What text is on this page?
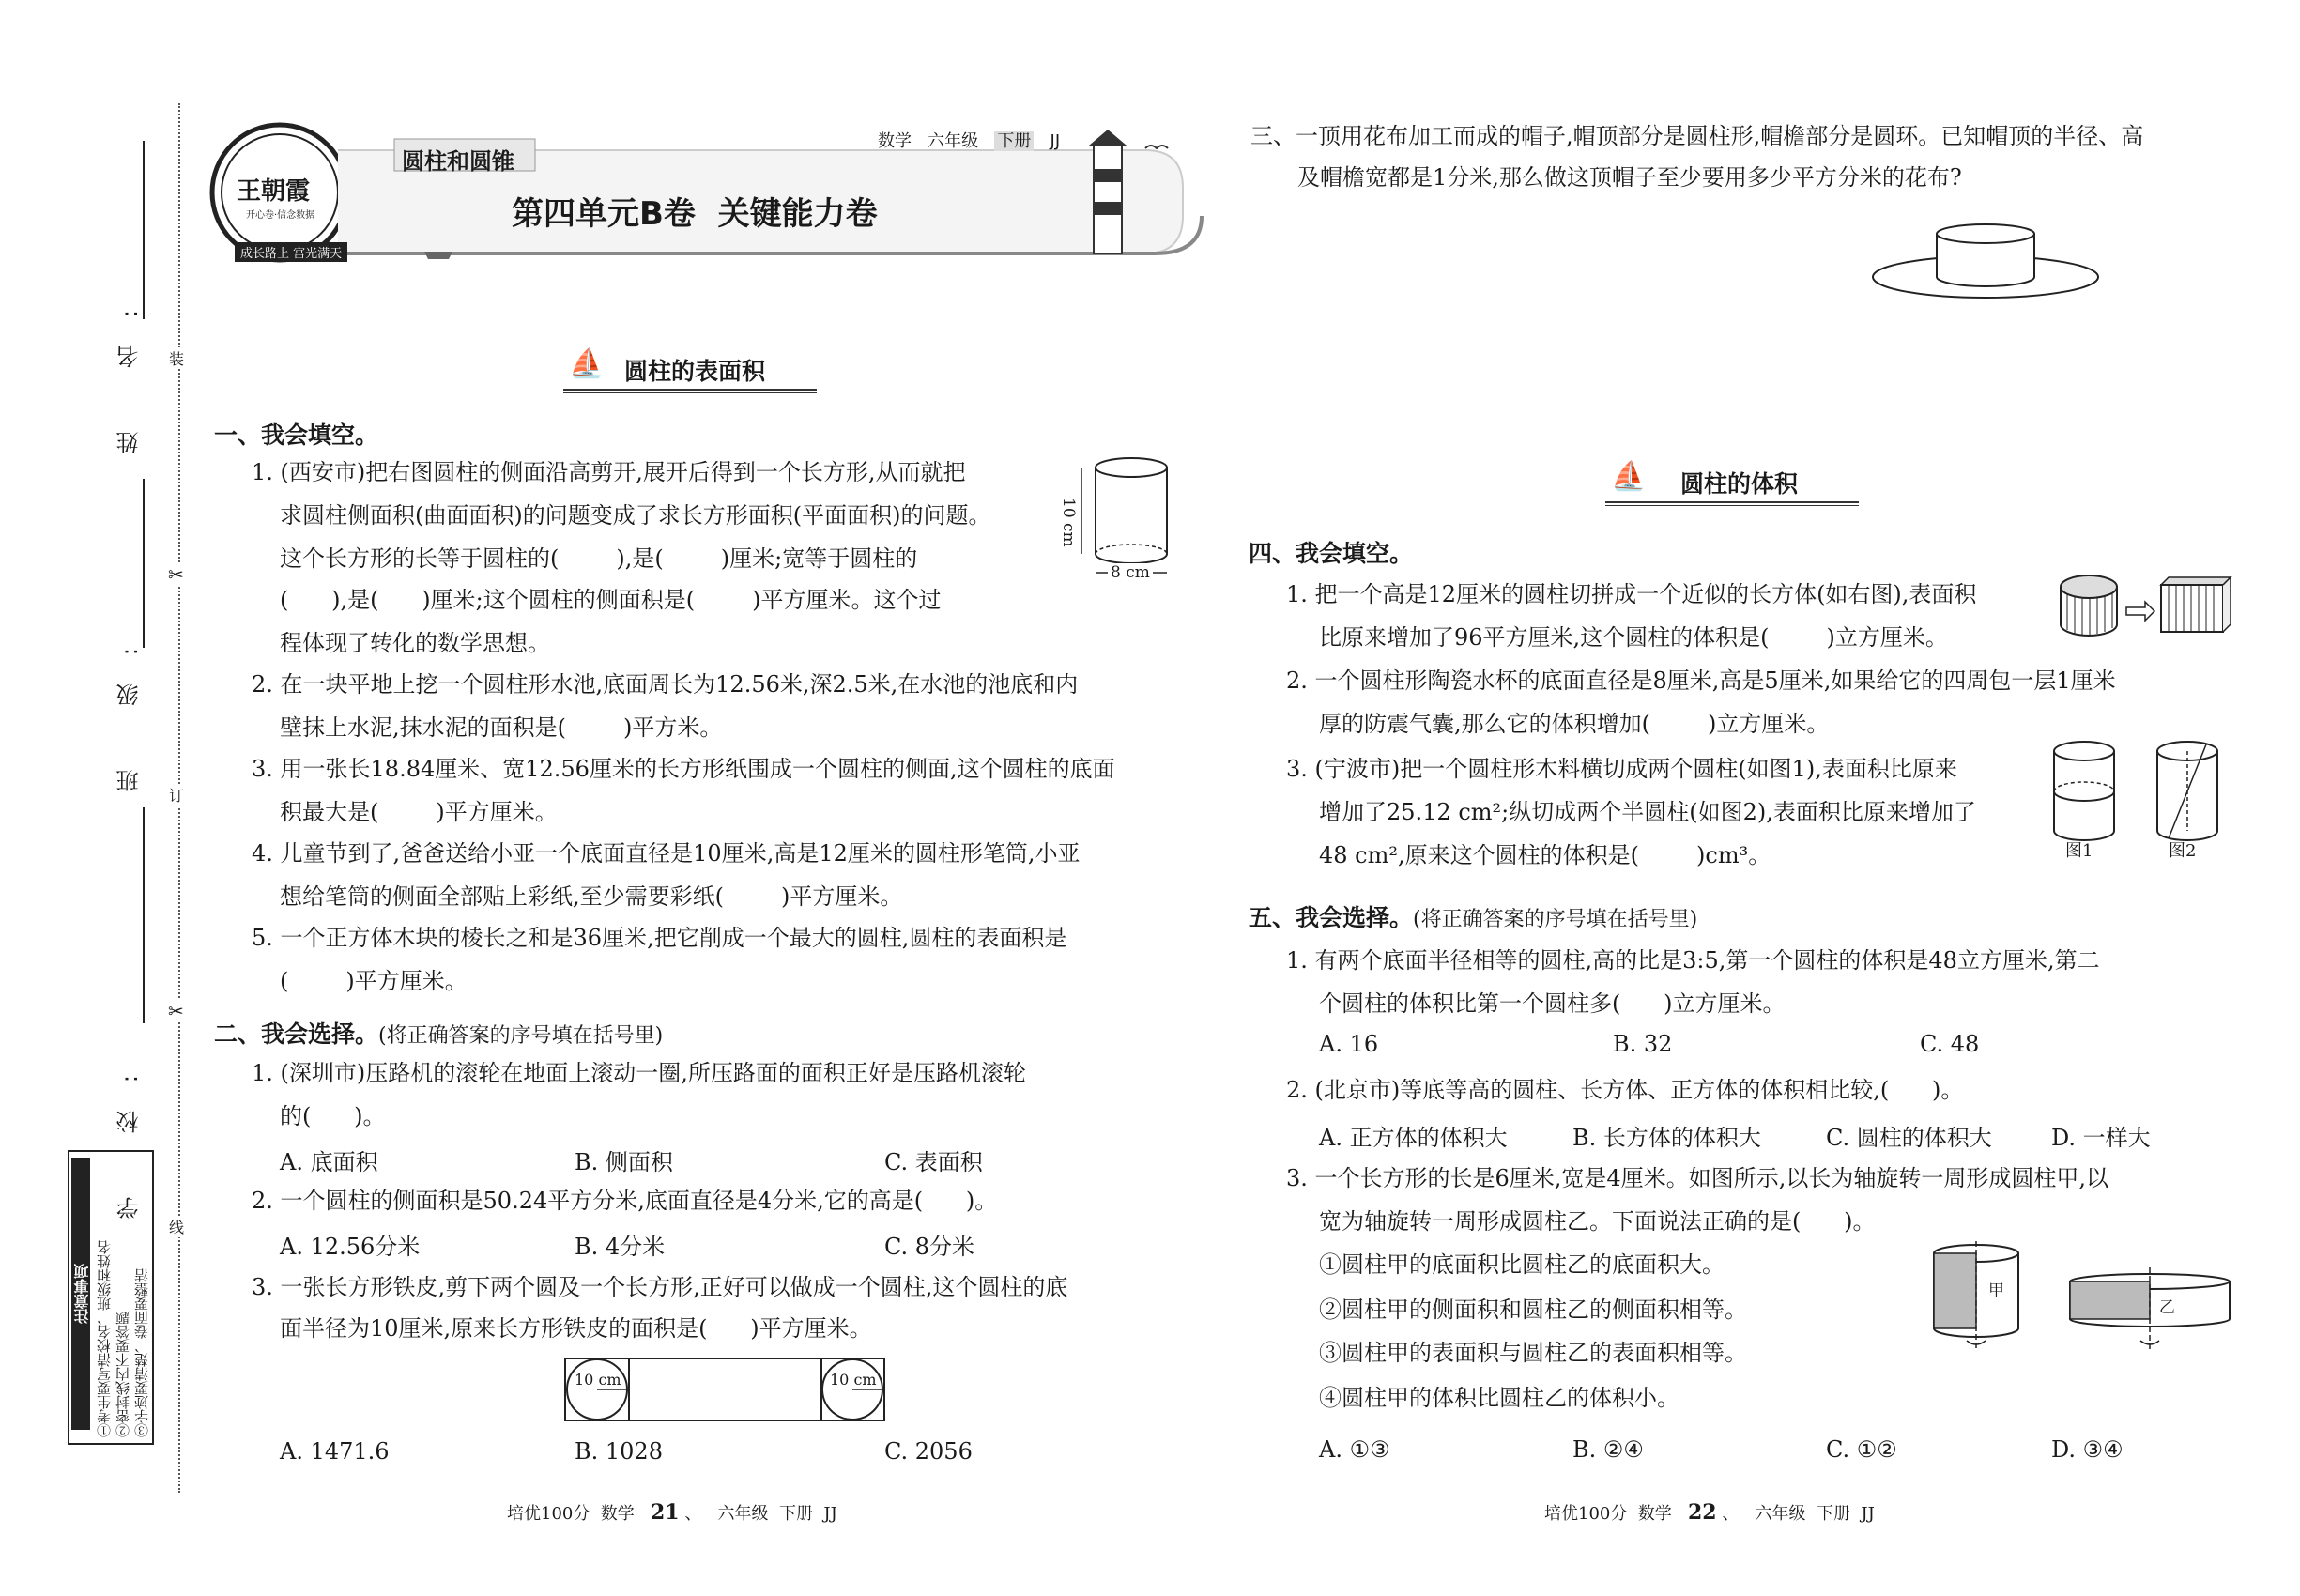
姓 名:
班 级:
学 校:
装
订
线
✂
✂
注意事项 ①考生要写清校名、班级和姓名 ②密封线内不要答题 ③字迹要清楚、卷面要整洁
王朝霞
开心卷·信念数据
成长路上 宫光满天
圆柱和圆锥
数学 六年级 下册 JJ
第四单元B卷  关键能力卷
⛵ 圆柱的表面积
一、我会填空。
1. (西安市)把右图圆柱的侧面沿高剪开,展开后得到一个长方形,从而就把
求圆柱侧面积(曲面面积)的问题变成了求长方形面积(平面面积)的问题。
这个长方形的长等于圆柱的(        ),是(        )厘米;宽等于圆柱的
(      ),是(      )厘米;这个圆柱的侧面积是(        )平方厘米。这个过
程体现了转化的数学思想。
2. 在一块平地上挖一个圆柱形水池,底面周长为12.56米,深2.5米,在水池的池底和内
壁抹上水泥,抹水泥的面积是(        )平方米。
3. 用一张长18.84厘米、宽12.56厘米的长方形纸围成一个圆柱的侧面,这个圆柱的底面
积最大是(        )平方厘米。
4. 儿童节到了,爸爸送给小亚一个底面直径是10厘米,高是12厘米的圆柱形笔筒,小亚
想给笔筒的侧面全部贴上彩纸,至少需要彩纸(        )平方厘米。
5. 一个正方体木块的棱长之和是36厘米,把它削成一个最大的圆柱,圆柱的表面积是
(        )平方厘米。
10 cm
8 cm
二、我会选择。(将正确答案的序号填在括号里)
1. (深圳市)压路机的滚轮在地面上滚动一圈,所压路面的面积正好是压路机滚轮
的(      )。
A. 底面积	B. 侧面积	C. 表面积
2. 一个圆柱的侧面积是50.24平方分米,底面直径是4分米,它的高是(      )。
A. 12.56分米	B. 4分米	C. 8分米
3. 一张长方形铁皮,剪下两个圆及一个长方形,正好可以做成一个圆柱,这个圆柱的底
面半径为10厘米,原来长方形铁皮的面积是(      )平方厘米。
10 cm	10 cm
A. 1471.6	B. 1028	C. 2056
培优100分  数学 21 、   六年级  下册  JJ
三、一顶用花布加工而成的帽子,帽顶部分是圆柱形,帽檐部分是圆环。已知帽顶的半径、高
及帽檐宽都是1分米,那么做这顶帽子至少要用多少平方分米的花布?
⛵ 圆柱的体积
四、我会填空。
1. 把一个高是12厘米的圆柱切拼成一个近似的长方体(如右图),表面积
比原来增加了96平方厘米,这个圆柱的体积是(        )立方厘米。
2. 一个圆柱形陶瓷水杯的底面直径是8厘米,高是5厘米,如果给它的四周包一层1厘米
厚的防震气囊,那么它的体积增加(        )立方厘米。
3. (宁波市)把一个圆柱形木料横切成两个圆柱(如图1),表面积比原来
增加了25.12 cm²;纵切成两个半圆柱(如图2),表面积比原来增加了
48 cm²,原来这个圆柱的体积是(        )cm³。	图1	图2
五、我会选择。(将正确答案的序号填在括号里)
1. 有两个底面半径相等的圆柱,高的比是3:5,第一个圆柱的体积是48立方厘米,第二
个圆柱的体积比第一个圆柱多(      )立方厘米。
A. 16	B. 32	C. 48
2. (北京市)等底等高的圆柱、长方体、正方体的体积相比较,(      )。
A. 正方体的体积大	B. 长方体的体积大	C. 圆柱的体积大	D. 一样大
3. 一个长方形的长是6厘米,宽是4厘米。如图所示,以长为轴旋转一周形成圆柱甲,以
宽为轴旋转一周形成圆柱乙。下面说法正确的是(      )。
①圆柱甲的底面积比圆柱乙的底面积大。
②圆柱甲的侧面积和圆柱乙的侧面积相等。
③圆柱甲的表面积与圆柱乙的表面积相等。
④圆柱甲的体积比圆柱乙的体积小。
甲
乙
A. ①③	B. ②④	C. ①②	D. ③④
培优100分  数学 22 、   六年级  下册  JJ
